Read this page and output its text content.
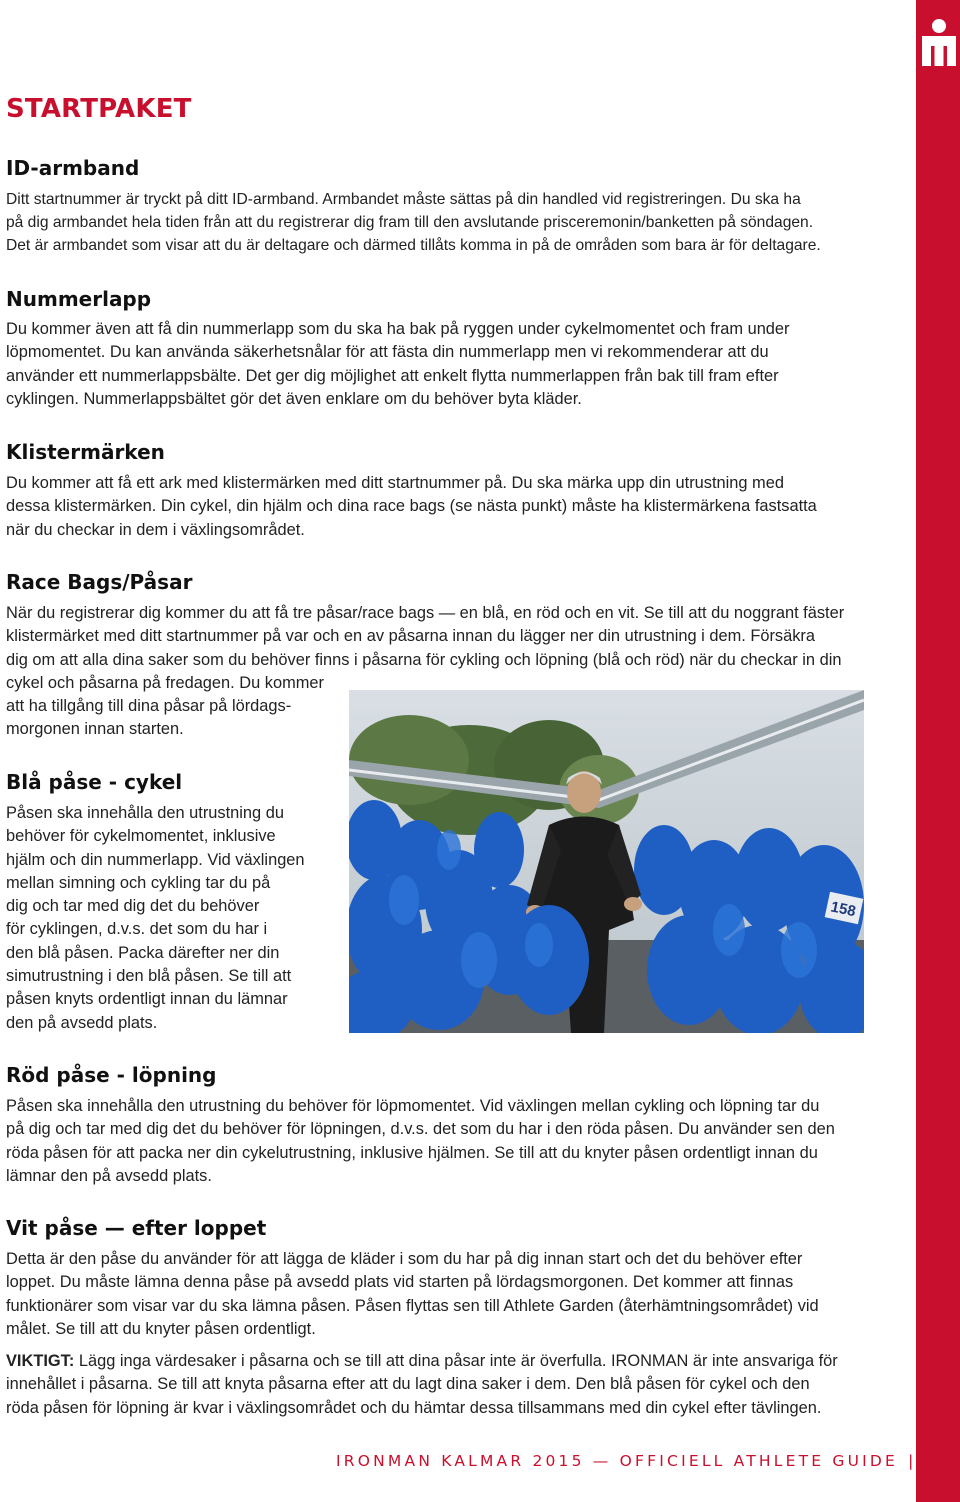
STARTPAKET
ID-armband
Ditt startnummer är tryckt på ditt ID-armband. Armbandet måste sättas på din handled vid registreringen. Du ska ha
på dig armbandet hela tiden från att du registrerar dig fram till den avslutande prisceremonin/banketten på söndagen.
Det är armbandet som visar att du är deltagare och därmed tillåts komma in på de områden som bara är för deltagare.
Nummerlapp
Du kommer även att få din nummerlapp som du ska ha bak på ryggen under cykelmomentet och fram under
löpmomentet. Du kan använda säkerhetsnålar för att fästa din nummerlapp men vi rekommenderar att du
använder ett nummerlappsbälte. Det ger dig möjlighet att enkelt flytta nummerlappen från bak till fram efter
cyklingen. Nummerlappsbältet gör det även enklare om du behöver byta kläder.
Klistermärken
Du kommer att få ett ark med klistermärken med ditt startnummer på. Du ska märka upp din utrustning med
dessa klistermärken. Din cykel, din hjälm och dina race bags (se nästa punkt) måste ha klistermärkena fastsatta
när du checkar in dem i växlingsområdet.
Race Bags/Påsar
När du registrerar dig kommer du att få tre påsar/race bags — en blå, en röd och en vit. Se till att du noggrant fäster
klistermärket med ditt startnummer på var och en av påsarna innan du lägger ner din utrustning i dem. Försäkra
dig om att alla dina saker som du behöver finns i påsarna för cykling och löpning (blå och röd) när du checkar in din
cykel och påsarna på fredagen. Du kommer
att ha tillgång till dina påsar på lördags-
morgonen innan starten.
Blå påse - cykel
Påsen ska innehålla den utrustning du
behöver för cykelmomentet, inklusive
hjälm och din nummerlapp. Vid växlingen
mellan simning och cykling tar du på
dig och tar med dig det du behöver
för cyklingen, d.v.s. det som du har i
den blå påsen. Packa därefter ner din
simutrustning i den blå påsen. Se till att
påsen knyts ordentligt innan du lämnar
den på avsedd plats.
158
Röd påse - löpning
Påsen ska innehålla den utrustning du behöver för löpmomentet. Vid växlingen mellan cykling och löpning tar du
på dig och tar med dig det du behöver för löpningen, d.v.s. det som du har i den röda påsen. Du använder sen den
röda påsen för att packa ner din cykelutrustning, inklusive hjälmen. Se till att du knyter påsen ordentligt innan du
lämnar den på avsedd plats.
Vit påse — efter loppet
Detta är den påse du använder för att lägga de kläder i som du har på dig innan start och det du behöver efter
loppet. Du måste lämna denna påse på avsedd plats vid starten på lördagsmorgonen. Det kommer att finnas
funktionärer som visar var du ska lämna påsen. Påsen flyttas sen till Athlete Garden (återhämtningsområdet) vid
målet. Se till att du knyter påsen ordentligt.
VIKTIGT: Lägg inga värdesaker i påsarna och se till att dina påsar inte är överfulla. IRONMAN är inte ansvariga för
innehållet i påsarna. Se till att knyta påsarna efter att du lagt dina saker i dem. Den blå påsen för cykel och den
röda påsen för löpning är kvar i växlingsområdet och du hämtar dessa tillsammans med din cykel efter tävlingen.
IRONMAN KALMAR 2015 — OFFICIELL ATHLETE GUIDE | 9
